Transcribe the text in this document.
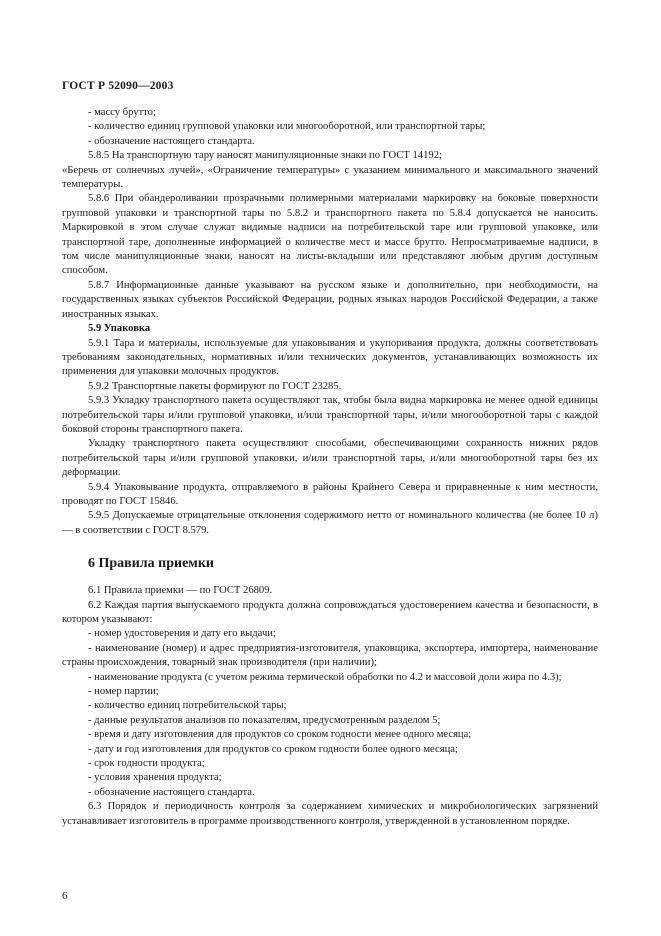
ГОСТ Р 52090—2003

- массу брутто;

- количество единиц групповой упаковки или многооборотной, или транспортной тары;

- обозначение настоящего стандарта.

5.8.5 На транспортную тару наносят манипуляционные знаки по ГОСТ 14192;

«Беречь от солнечных лучей», «Ограничение температуры» с указанием минимального и максимального значений температуры.

5.8.6 При обандероливании прозрачными полимерными материалами маркировку на боковые поверхности групповой упаковки и транспортной тары по 5.8.2 и транспортного пакета по 5.8.4 допускается не наносить. Маркировкой в этом случае служат видимые надписи на потребительской таре или групповой упаковке, или транспортной таре, дополненные информацией о количестве мест и массе брутто. Непросматриваемые надписи, в том числе манипуляционные знаки, наносят на листы-вкладыши или представляют любым другим доступным способом.

5.8.7 Информационные данные указывают на русском языке и дополнительно, при необходимости, на государственных языках субъектов Российской Федерации, родных языках народов Российской Федерации, а также иностранных языках.

5.9 Упаковка

5.9.1 Тара и материалы, используемые для упаковывания и укупоривания продукта, должны соответствовать требованиям законодательных, нормативных и/или технических документов, устанавливающих возможность их применения для упаковки молочных продуктов.

5.9.2 Транспортные пакеты формируют по ГОСТ 23285.

5.9.3 Укладку транспортного пакета осуществляют так, чтобы была видна маркировка не менее одной единицы потребительской тары и/или групповой упаковки, и/или транспортной тары, и/или многооборотной тары с каждой боковой стороны транспортного пакета.

Укладку транспортного пакета осуществляют способами, обеспечивающими сохранность нижних рядов потребительской тары и/или групповой упаковки, и/или транспортной тары, и/или многооборотной тары без их деформации.

5.9.4 Упаковывание продукта, отправляемого в районы Крайнего Севера и приравненные к ним местности, проводят по ГОСТ 15846.

5.9.5 Допускаемые отрицательные отклонения содержимого нетто от номинального количества (не более 10 л) — в соответствии с ГОСТ 8.579.

6 Правила приемки

6.1 Правила приемки — по ГОСТ 26809.

6.2 Каждая партия выпускаемого продукта должна сопровождаться удостоверением качества и безопасности, в котором указывают:

- номер удостоверения и дату его выдачи;

- наименование (номер) и адрес предприятия-изготовителя, упаковщика, экспортера, импортера, наименование страны происхождения, товарный знак производителя (при наличии);

- наименование продукта (с учетом режима термической обработки по 4.2 и массовой доли жира по 4.3);

- номер партии;

- количество единиц потребительской тары;

- данные результатов анализов по показателям, предусмотренным разделом 5;

- время и дату изготовления для продуктов со сроком годности менее одного месяца;

- дату и год изготовления для продуктов со сроком годности более одного месяца;

- срок годности продукта;

- условия хранения продукта;

- обозначение настоящего стандарта.

6.3 Порядок и периодичность контроля за содержанием химических и микробиологических загрязнений устанавливает изготовитель в программе производственного контроля, утвержденной в установленном порядке.

6
